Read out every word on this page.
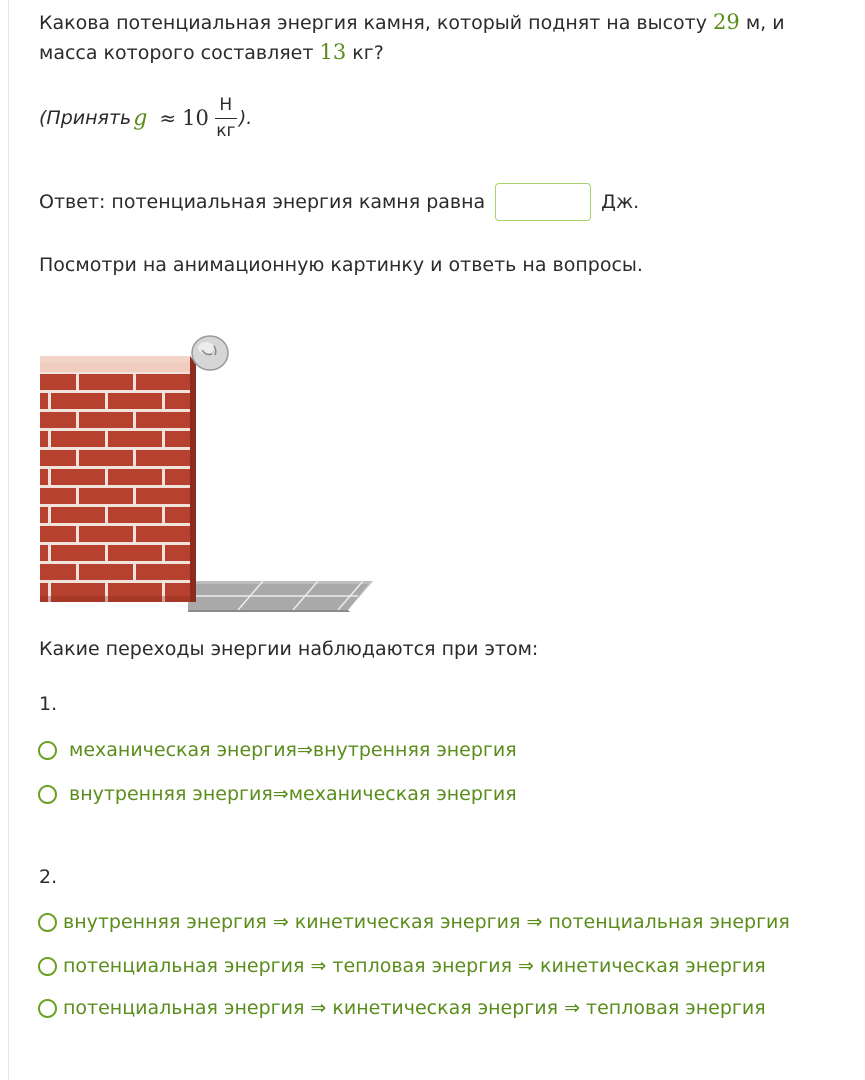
Какова потенциальная энергия камня, который поднят на высоту 29 м, и
масса которого составляет 13 кг?
(Принять $g \approx 10 \frac{Н}{кг}$ ).
Ответ: потенциальная энергия камня равна	Дж.
Посмотри на анимационную картинку и ответь на вопросы.
Какие переходы энергии наблюдаются при этом:
1.
механическая энергия⇒внутренняя энергия
внутренняя энергия⇒механическая энергия
2.
внутренняя энергия ⇒ кинетическая энергия ⇒ потенциальная энергия
потенциальная энергия ⇒ тепловая энергия ⇒ кинетическая энергия
потенциальная энергия ⇒ кинетическая энергия ⇒ тепловая энергия
